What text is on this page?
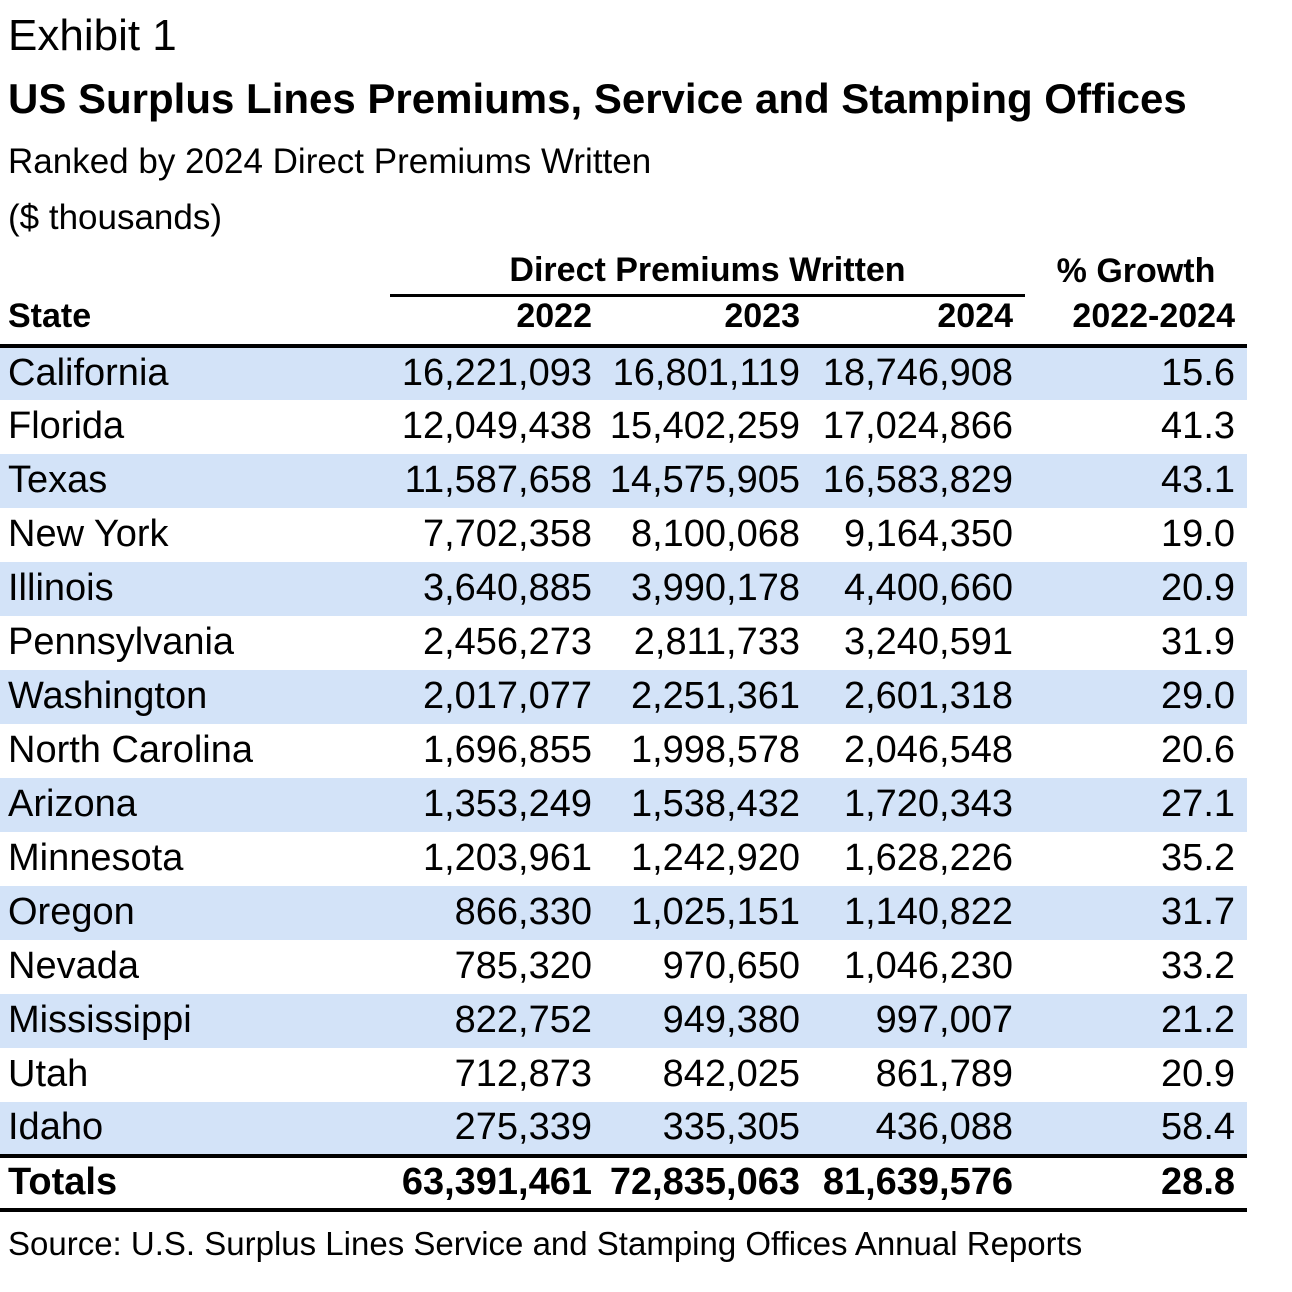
Exhibit 1
US Surplus Lines Premiums, Service and Stamping Offices
Ranked by 2024 Direct Premiums Written
($ thousands)
	Direct Premiums Written			% Growth
State	2022	2023	2024	2022-2024
California	16,221,093	16,801,119	18,746,908	15.6
Florida	12,049,438	15,402,259	17,024,866	41.3
Texas	11,587,658	14,575,905	16,583,829	43.1
New York	7,702,358	8,100,068	9,164,350	19.0
Illinois	3,640,885	3,990,178	4,400,660	20.9
Pennsylvania	2,456,273	2,811,733	3,240,591	31.9
Washington	2,017,077	2,251,361	2,601,318	29.0
North Carolina	1,696,855	1,998,578	2,046,548	20.6
Arizona	1,353,249	1,538,432	1,720,343	27.1
Minnesota	1,203,961	1,242,920	1,628,226	35.2
Oregon	866,330	1,025,151	1,140,822	31.7
Nevada	785,320	970,650	1,046,230	33.2
Mississippi	822,752	949,380	997,007	21.2
Utah	712,873	842,025	861,789	20.9
Idaho	275,339	335,305	436,088	58.4
Totals	63,391,461	72,835,063	81,639,576	28.8
Source: U.S. Surplus Lines Service and Stamping Offices Annual Reports
